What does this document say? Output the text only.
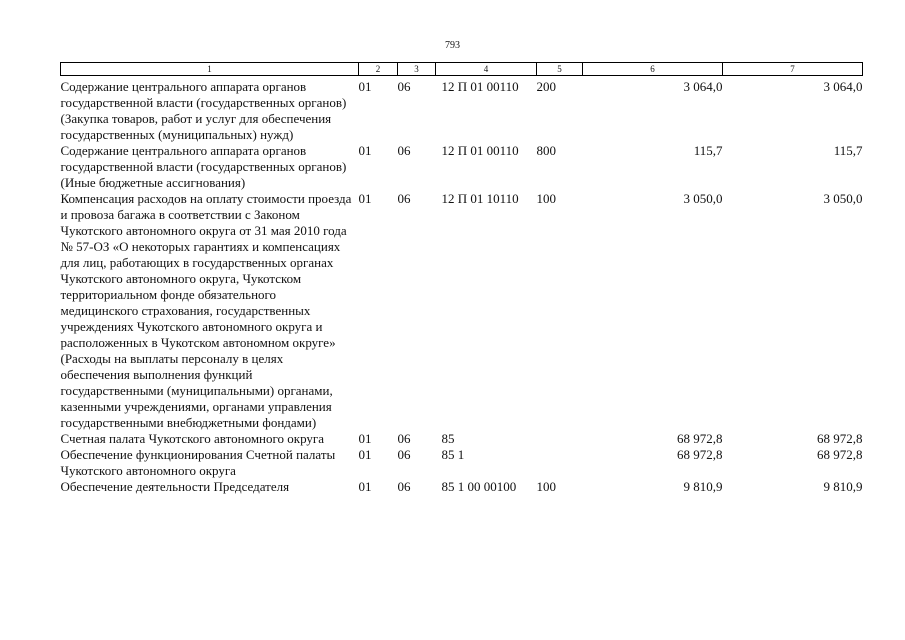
793
1	2	3	4	5	6	7
Содержание центрального аппарата органов государственной власти (государственных органов) (Закупка товаров, работ и услуг для обеспечения государственных (муниципальных) нужд)	01	06	12 П 01 00110	200	3 064,0	3 064,0
Содержание центрального аппарата органов государственной власти (государственных органов) (Иные бюджетные ассигнования)	01	06	12 П 01 00110	800	115,7	115,7
Компенсация расходов на оплату стоимости проезда и провоза багажа в соответствии с Законом Чукотского автономного округа от 31 мая 2010 года № 57-ОЗ «О некоторых гарантиях и компенсациях для лиц, работающих в государственных органах Чукотского автономного округа, Чукотском территориальном фонде обязательного медицинского страхования, государственных учреждениях Чукотского автономного округа и расположенных в Чукотском автономном округе» (Расходы на выплаты персоналу в целях обеспечения выполнения функций государственными (муниципальными) органами, казенными учреждениями, органами управления государственными внебюджетными фондами)	01	06	12 П 01 10110	100	3 050,0	3 050,0
Счетная палата Чукотского автономного округа	01	06	85		68 972,8	68 972,8
Обеспечение функционирования Счетной палаты Чукотского автономного округа	01	06	85 1		68 972,8	68 972,8
Обеспечение деятельности Председателя	01	06	85 1 00 00100	100	9 810,9	9 810,9
